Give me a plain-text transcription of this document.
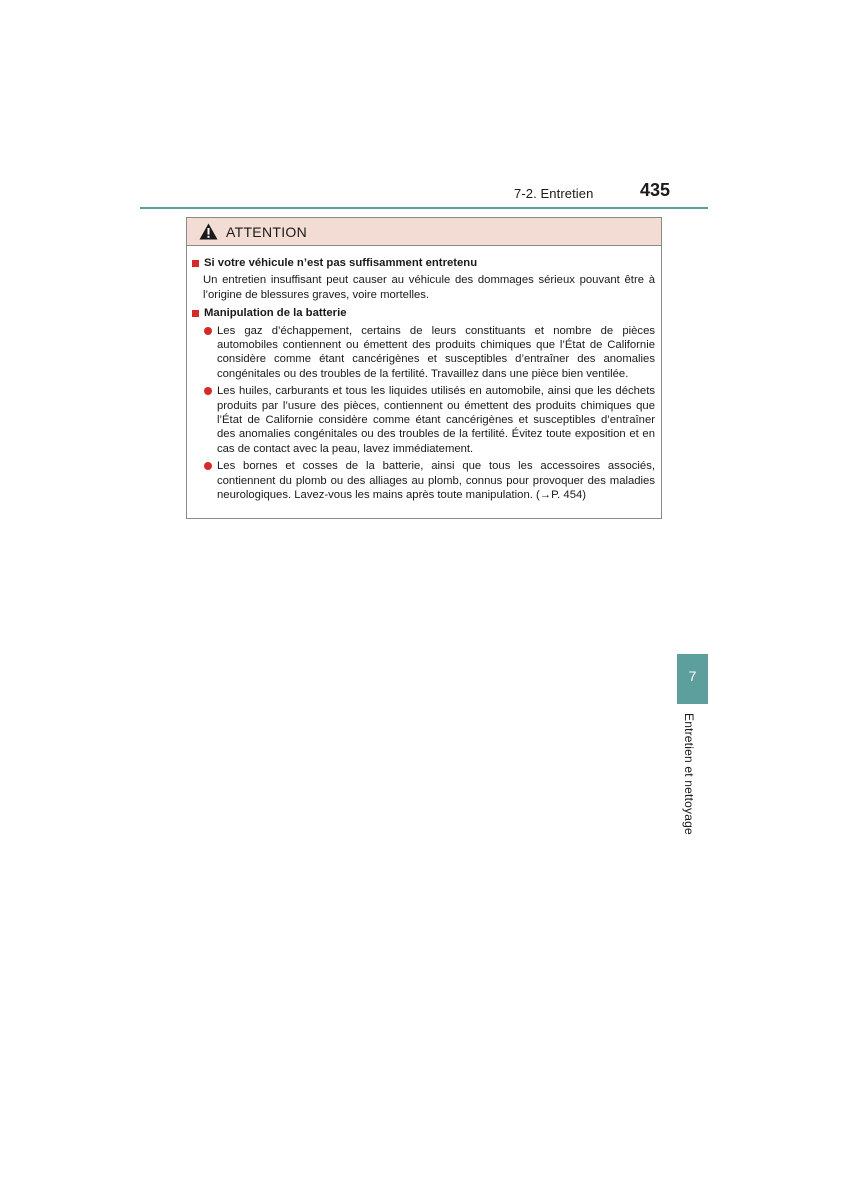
7-2. Entretien	435
ATTENTION
Si votre véhicule n’est pas suffisamment entretenu
Un entretien insuffisant peut causer au véhicule des dommages sérieux pouvant être à l’origine de blessures graves, voire mortelles.
Manipulation de la batterie
Les gaz d’échappement, certains de leurs constituants et nombre de pièces automobiles contiennent ou émettent des produits chimiques que l’État de Californie considère comme étant cancérigènes et susceptibles d’entraîner des anomalies congénitales ou des troubles de la fertilité. Travaillez dans une pièce bien ventilée.
Les huiles, carburants et tous les liquides utilisés en automobile, ainsi que les déchets produits par l’usure des pièces, contiennent ou émettent des produits chimiques que l’État de Californie considère comme étant cancérigènes et susceptibles d’entraîner des anomalies congénitales ou des troubles de la fertilité. Évitez toute exposition et en cas de contact avec la peau, lavez immédiatement.
Les bornes et cosses de la batterie, ainsi que tous les accessoires associés, contiennent du plomb ou des alliages au plomb, connus pour provoquer des maladies neurologiques. Lavez-vous les mains après toute manipulation. (→P. 454)
7
Entretien et nettoyage
